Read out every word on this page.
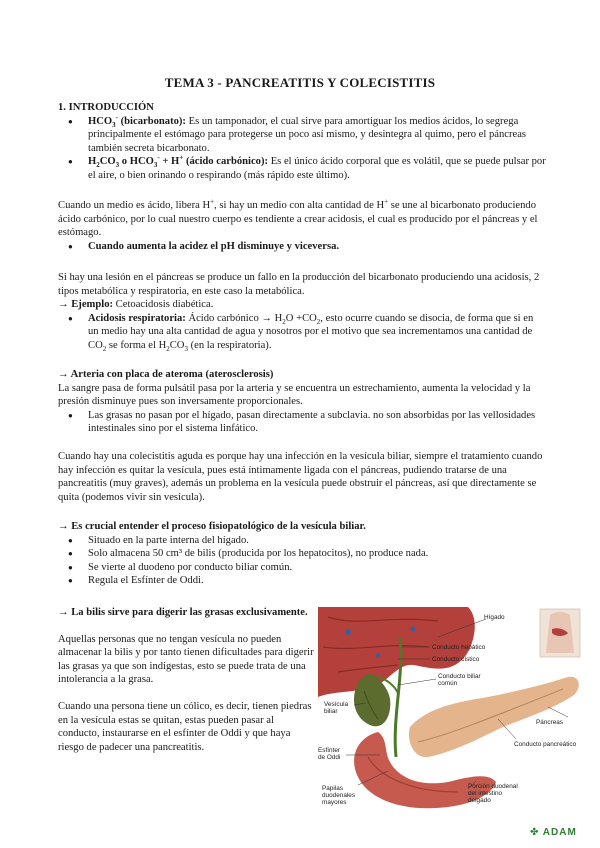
TEMA 3 - PANCREATITIS Y COLECISTITIS
1. INTRODUCCIÓN
● $HCO_3^-$ (bicarbonato): Es un tamponador, el cual sirve para amortiguar los medios ácidos, lo segrega principalmente el estómago para protegerse un poco así mismo, y desintegra al quimo, pero el páncreas también secreta bicarbonato.
● $H_2CO_3$ o $HCO_3^- + H^+$ (ácido carbónico): Es el único ácido corporal que es volátil, que se puede pulsar por el aire, o bien orinando o respirando (más rápido este último).

Cuando un medio es ácido, libera H+, si hay un medio con alta cantidad de H+ se une al bicarbonato produciendo ácido carbónico, por lo cual nuestro cuerpo es tendiente a crear acidosis, el cual es producido por el páncreas y el estómago.

● Cuando aumenta la acidez el pH disminuye y viceversa.

Si hay una lesión en el páncreas se produce un fallo en la producción del bicarbonato produciendo una acidosis, 2 tipos metabólica y respiratoria, en este caso la metabólica.

→ Ejemplo: Cetoacidosis diabética.

● Acidosis respiratoria: Ácido carbónico → $H_2O +CO_2$, esto ocurre cuando se disocia, de forma que si en un medio hay una alta cantidad de agua y nosotros por el motivo que sea incrementamos una cantidad de $CO_2$ se forma el $H_2CO_3$ (en la respiratoria).
→ Arteria con placa de ateroma (aterosclerosis)

La sangre pasa de forma pulsátil pasa por la arteria y se encuentra un estrechamiento, aumenta la velocidad y la presión disminuye pues son inversamente proporcionales.

● Las grasas no pasan por el hígado, pasan directamente a subclavia. no son absorbidas por las vellosidades intestinales sino por el sistema linfático.

Cuando hay una colecistitis aguda es porque hay una infección en la vesícula biliar, siempre el tratamiento cuando hay infección es quitar la vesícula, pues está íntimamente ligada con el páncreas, pudiendo tratarse de una pancreatitis (muy graves), además un problema en la vesícula puede obstruir el páncreas, así que directamente se quita (podemos vivir sin vesícula).

→ Es crucial entender el proceso fisiopatológico de la vesícula biliar.
● Situado en la parte interna del hígado.
● Solo almacena 50 cm³ de bilis (producida por los hepatocitos), no produce nada.
● Se vierte al duodeno por conducto biliar común.
● Regula el Esfínter de Oddi.
→ La bilis sirve para digerir las grasas exclusivamente.

Aquellas personas que no tengan vesícula no pueden almacenar la bilis y por tanto tienen dificultades para digerir las grasas ya que son indigestas, esto se puede trata de una intolerancia a la grasa.

Cuando una persona tiene un cólico, es decir, tienen piedras en la vesícula estas se quitan, estas pueden pasar al conducto, instaurarse en el esfínter de Oddi y que haya riesgo de padecer una pancreatitis.

Hígado
Conducto hepático
Conducto cístico
Conducto biliar
común
Vesícula
biliar
Páncreas
Conducto pancreático
Esfínter
de Oddi
Papilas
duodenales
mayores
Porción duodenal
del intestino
delgado
✤ ADAM
